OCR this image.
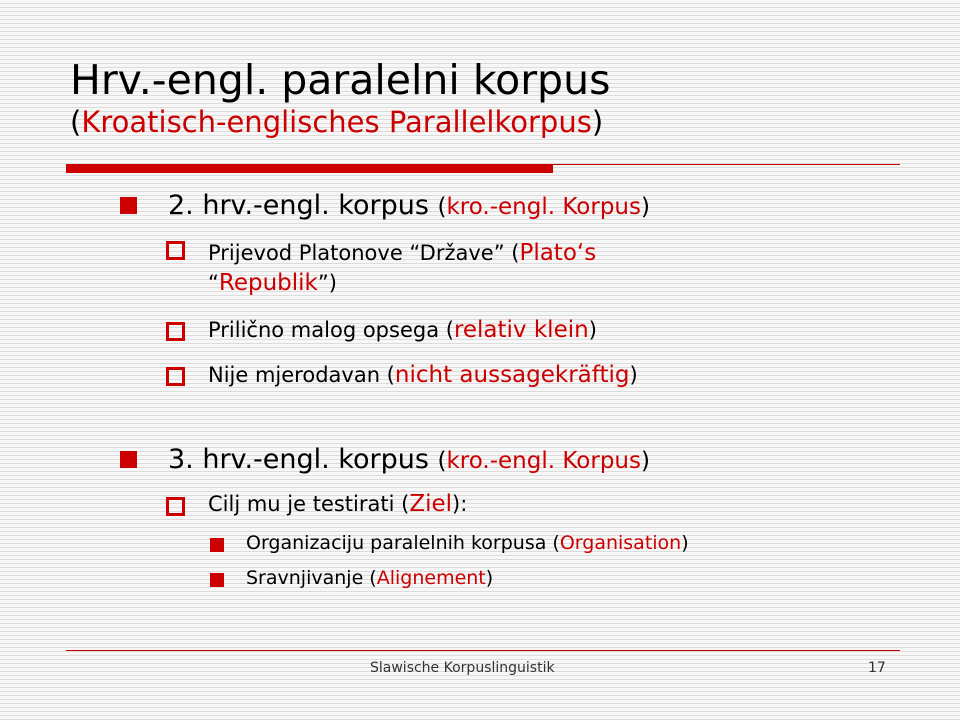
Hrv.-engl. paralelni korpus
(Kroatisch-englisches Parallelkorpus)
2. hrv.-engl. korpus (kro.-engl. Korpus)
Prijevod Platonove “Države” (Plato‘s
“Republik”)
Prilično malog opsega (relativ klein)
Nije mjerodavan (nicht aussagekräftig)
3. hrv.-engl. korpus (kro.-engl. Korpus)
Cilj mu je testirati (Ziel):
Organizaciju paralelnih korpusa (Organisation)
Sravnjivanje (Alignement)
Slawische Korpuslinguistik	17
